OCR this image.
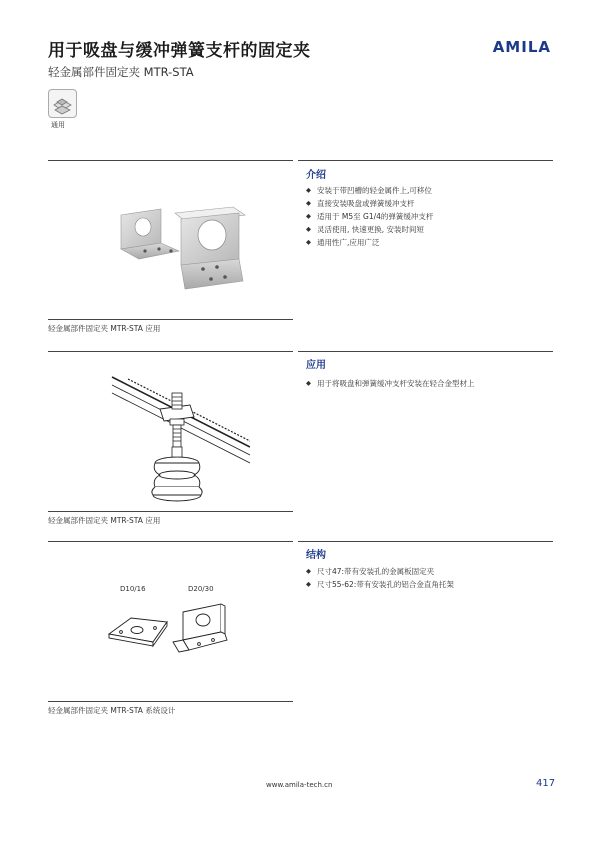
用于吸盘与缓冲弹簧支杆的固定夹
轻金属部件固定夹 MTR-STA
AMILA
通用
轻金属部件固定夹 MTR-STA 应用
轻金属部件固定夹 MTR-STA 应用
D10/16	D20/30
轻金属部件固定夹 MTR-STA 系统设计
介绍
◆ 安装于带凹槽的轻金属件上,可移位
◆ 直接安装吸盘或弹簧缓冲支杆
◆ 适用于 M5至 G1/4的弹簧缓冲支杆
◆ 灵活使用, 快速更换, 安装时间短
◆ 通用性广,应用广泛
应用
◆ 用于将吸盘和弹簧缓冲支杆安装在轻合金型材上
结构
◆ 尺寸47:带有安装孔的金属板固定夹
◆ 尺寸55-62:带有安装孔的铝合金直角托架
www.amila-tech.cn	417
